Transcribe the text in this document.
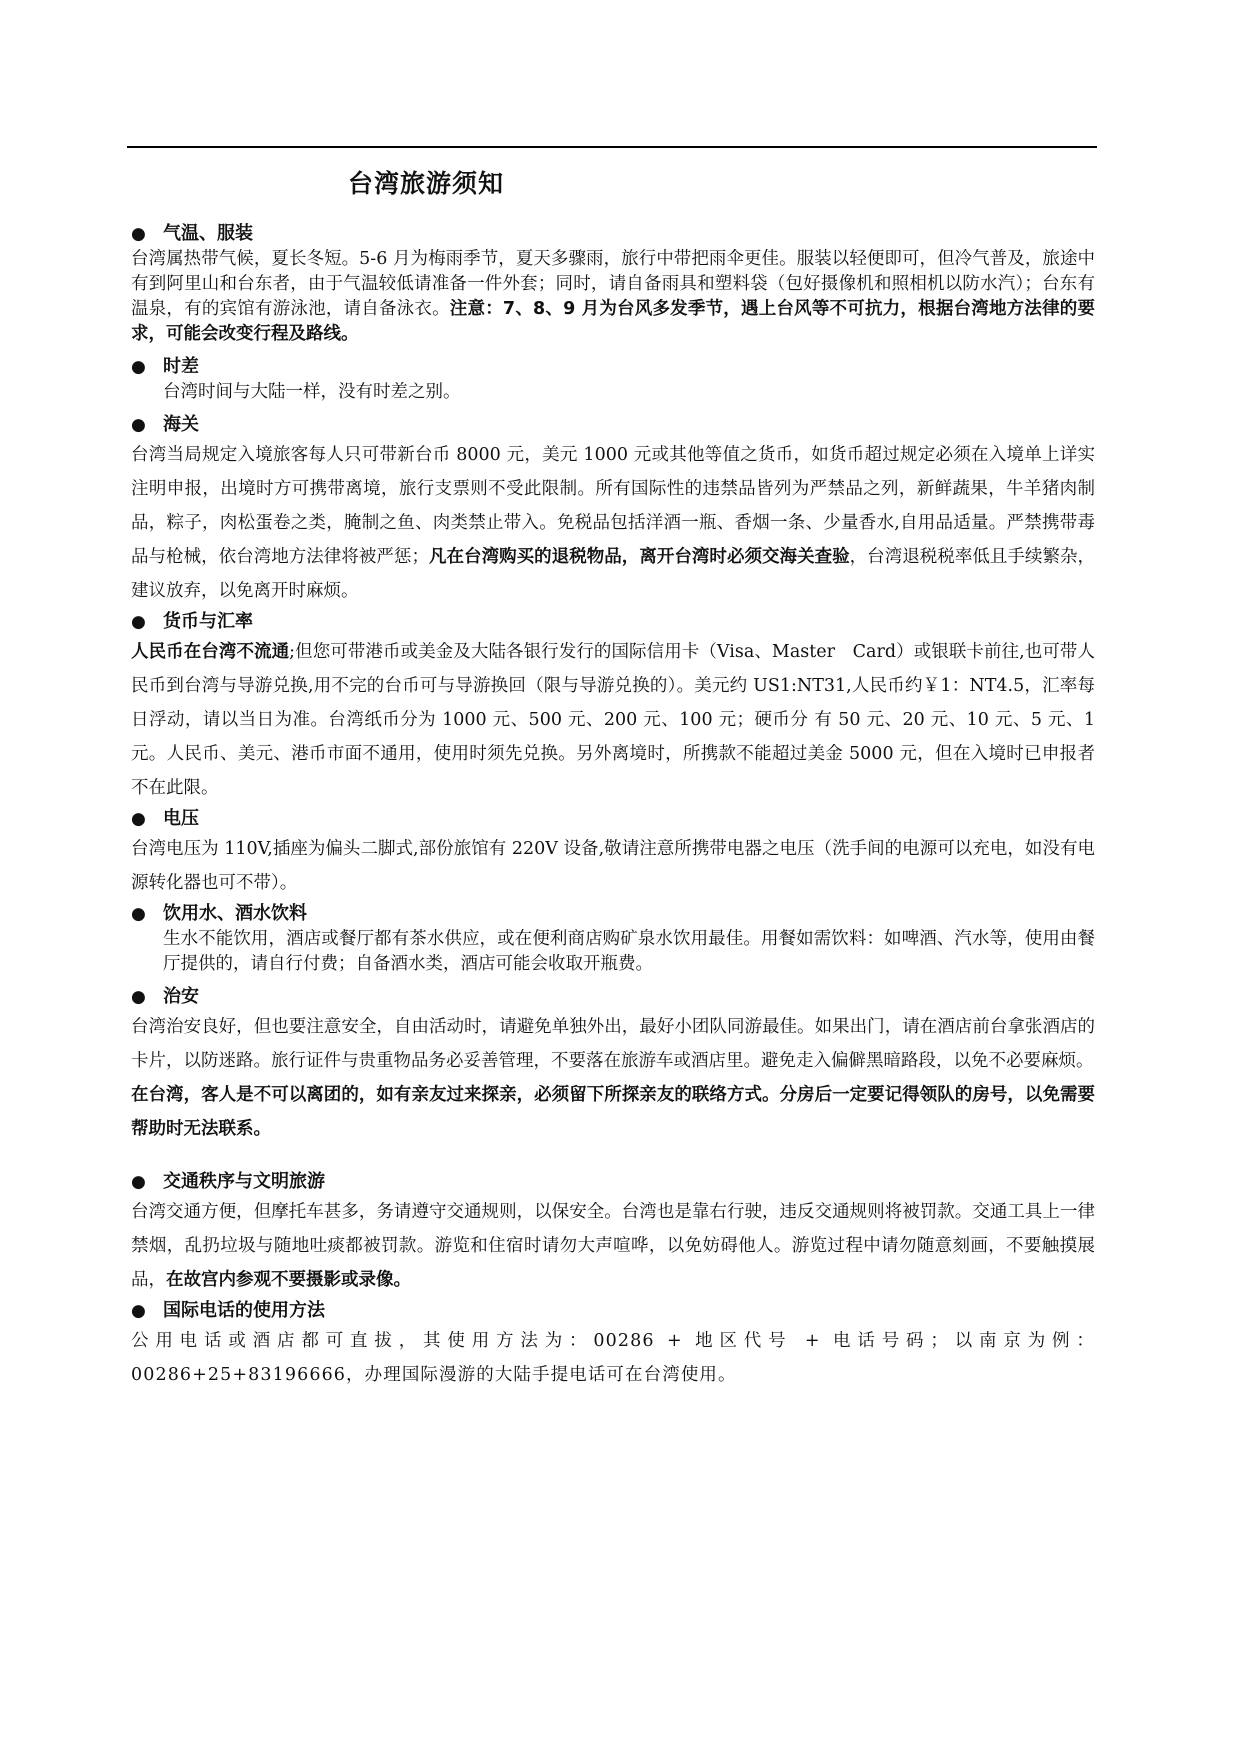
台湾旅游须知
● 气温、服装

台湾属热带气候，夏长冬短。5-6 月为梅雨季节，夏天多骤雨，旅行中带把雨伞更佳。服装以轻便即可，但冷气普及，旅途中有到阿里山和台东者，由于气温较低请准备一件外套；同时，请自备雨具和塑料袋（包好摄像机和照相机以防水汽）；台东有温泉，有的宾馆有游泳池，请自备泳衣。注意：7、8、9 月为台风多发季节，遇上台风等不可抗力，根据台湾地方法律的要求，可能会改变行程及路线。

● 时差

台湾时间与大陆一样，没有时差之别。

● 海关

台湾当局规定入境旅客每人只可带新台币 8000 元，美元 1000 元或其他等值之货币，如货币超过规定必须在入境单上详实注明申报，出境时方可携带离境，旅行支票则不受此限制。所有国际性的违禁品皆列为严禁品之列，新鲜蔬果，牛羊猪肉制品，粽子，肉松蛋卷之类，腌制之鱼、肉类禁止带入。免税品包括洋酒一瓶、香烟一条、少量香水,自用品适量。严禁携带毒品与枪械，依台湾地方法律将被严惩；凡在台湾购买的退税物品，离开台湾时必须交海关查验，台湾退税税率低且手续繁杂，建议放弃，以免离开时麻烦。

● 货币与汇率

人民币在台湾不流通;但您可带港币或美金及大陆各银行发行的国际信用卡（Visa、Master　Card）或银联卡前往,也可带人民币到台湾与导游兑换,用不完的台币可与导游换回（限与导游兑换的）。美元约 US1:NT31,人民币约￥1：NT4.5，汇率每日浮动，请以当日为准。台湾纸币分为 1000 元、500 元、200 元、100 元；硬币分 有 50 元、20 元、10 元、5 元、1 元。人民币、美元、港币市面不通用，使用时须先兑换。另外离境时，所携款不能超过美金 5000 元，但在入境时已申报者不在此限。

● 电压

台湾电压为 110V,插座为偏头二脚式,部份旅馆有 220V 设备,敬请注意所携带电器之电压（洗手间的电源可以充电，如没有电源转化器也可不带）。

● 饮用水、酒水饮料

生水不能饮用，酒店或餐厅都有茶水供应，或在便利商店购矿泉水饮用最佳。用餐如需饮料：如啤酒、汽水等，使用由餐厅提供的，请自行付费；自备酒水类，酒店可能会收取开瓶费。

● 治安

台湾治安良好，但也要注意安全，自由活动时，请避免单独外出，最好小团队同游最佳。如果出门，请在酒店前台拿张酒店的卡片，以防迷路。旅行证件与贵重物品务必妥善管理，不要落在旅游车或酒店里。避免走入偏僻黑暗路段，以免不必要麻烦。

在台湾，客人是不可以离团的，如有亲友过来探亲，必须留下所探亲友的联络方式。分房后一定要记得领队的房号，以免需要帮助时无法联系。

● 交通秩序与文明旅游

台湾交通方便，但摩托车甚多，务请遵守交通规则，以保安全。台湾也是靠右行驶，违反交通规则将被罚款。交通工具上一律禁烟，乱扔垃圾与随地吐痰都被罚款。游览和住宿时请勿大声喧哗，以免妨碍他人。游览过程中请勿随意刻画，不要触摸展品，在故宫内参观不要摄影或录像。

● 国际电话的使用方法

公用电话或酒店都可直拔，其使用方法为：00286 + 地区代号 + 电话号码；以南京为例：00286+25+83196666，办理国际漫游的大陆手提电话可在台湾使用。
